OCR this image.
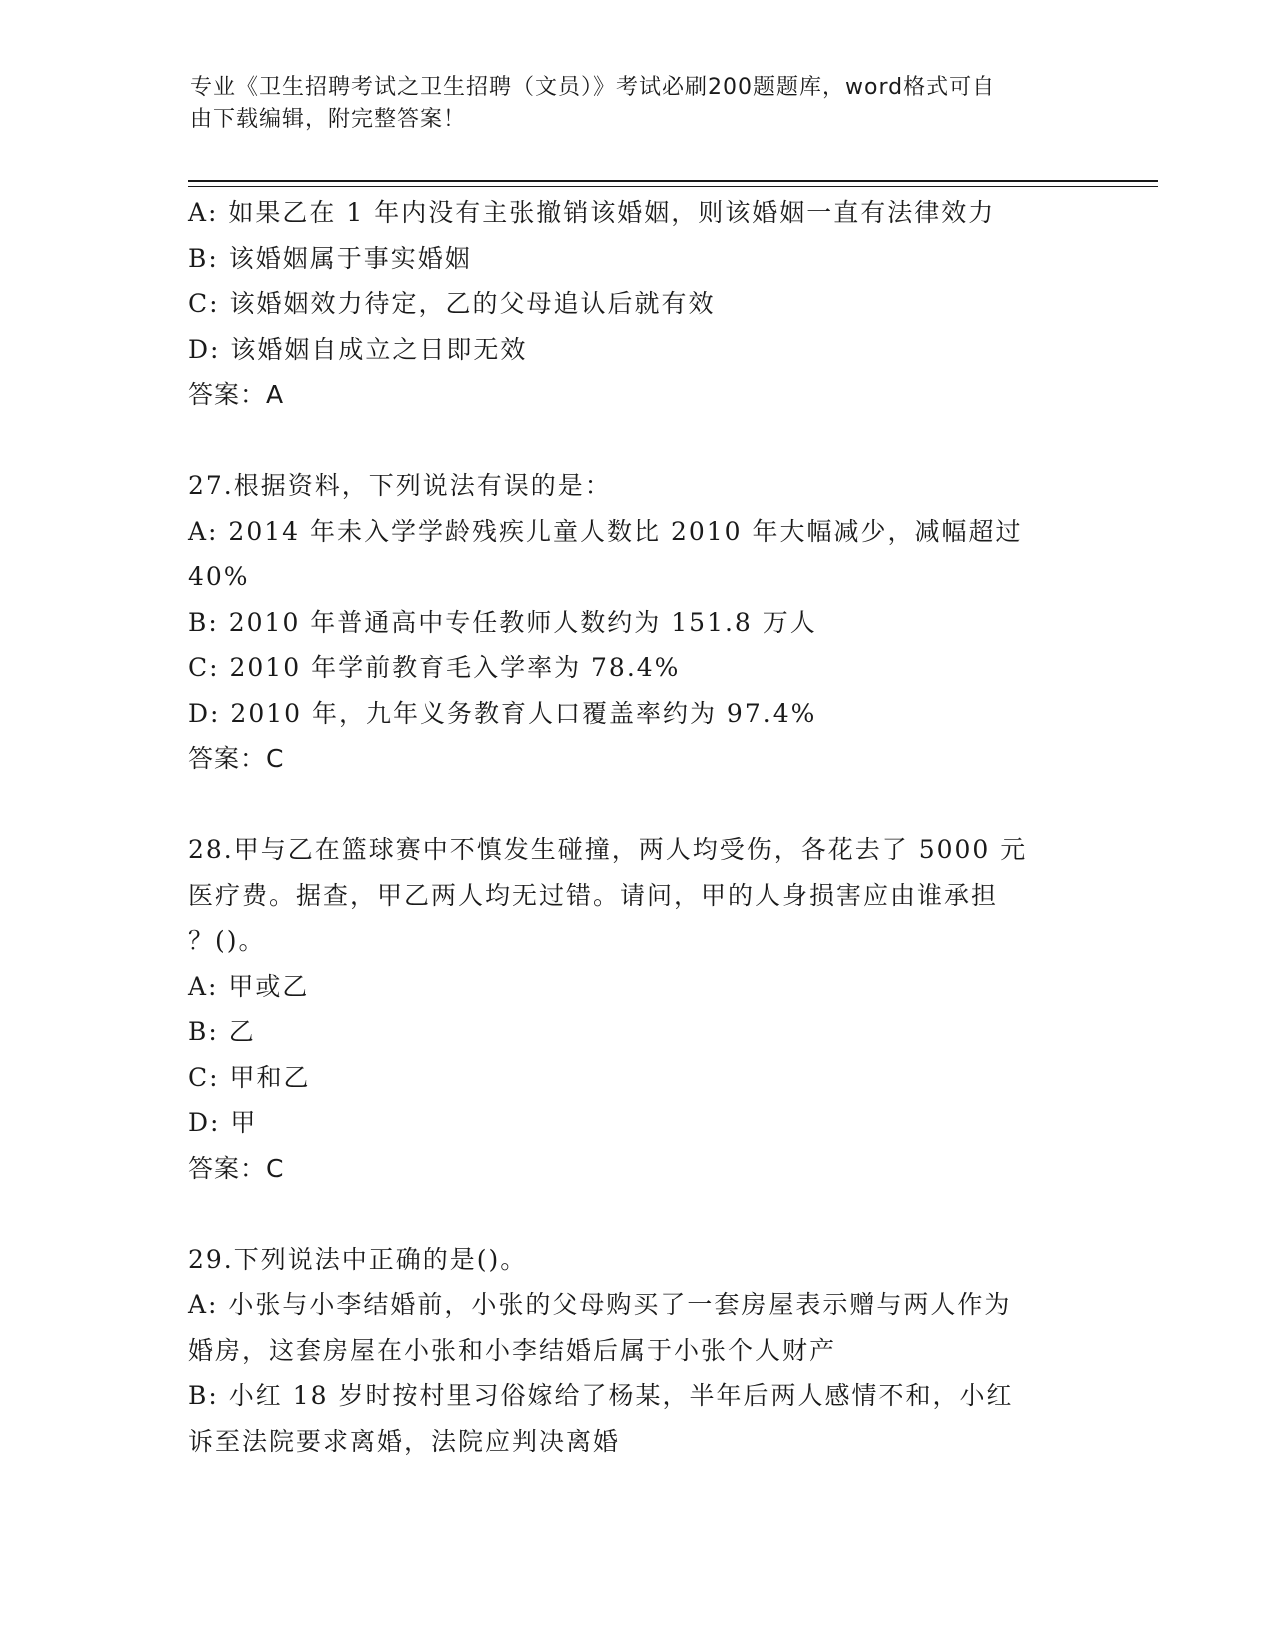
专业《卫生招聘考试之卫生招聘（文员）》考试必刷200题题库，word格式可自
由下载编辑，附完整答案！
A: 如果乙在 1 年内没有主张撤销该婚姻，则该婚姻一直有法律效力
B: 该婚姻属于事实婚姻
C: 该婚姻效力待定，乙的父母追认后就有效
D: 该婚姻自成立之日即无效
答案：A
27.根据资料，下列说法有误的是：
A: 2014 年未入学学龄残疾儿童人数比 2010 年大幅减少，减幅超过
40%
B: 2010 年普通高中专任教师人数约为 151.8 万人
C: 2010 年学前教育毛入学率为 78.4%
D: 2010 年，九年义务教育人口覆盖率约为 97.4%
答案：C
28.甲与乙在篮球赛中不慎发生碰撞，两人均受伤，各花去了 5000 元
医疗费。据查，甲乙两人均无过错。请问，甲的人身损害应由谁承担
？()。
A: 甲或乙
B: 乙
C: 甲和乙
D: 甲
答案：C
29.下列说法中正确的是()。
A: 小张与小李结婚前，小张的父母购买了一套房屋表示赠与两人作为
婚房，这套房屋在小张和小李结婚后属于小张个人财产
B: 小红 18 岁时按村里习俗嫁给了杨某，半年后两人感情不和，小红
诉至法院要求离婚，法院应判决离婚
